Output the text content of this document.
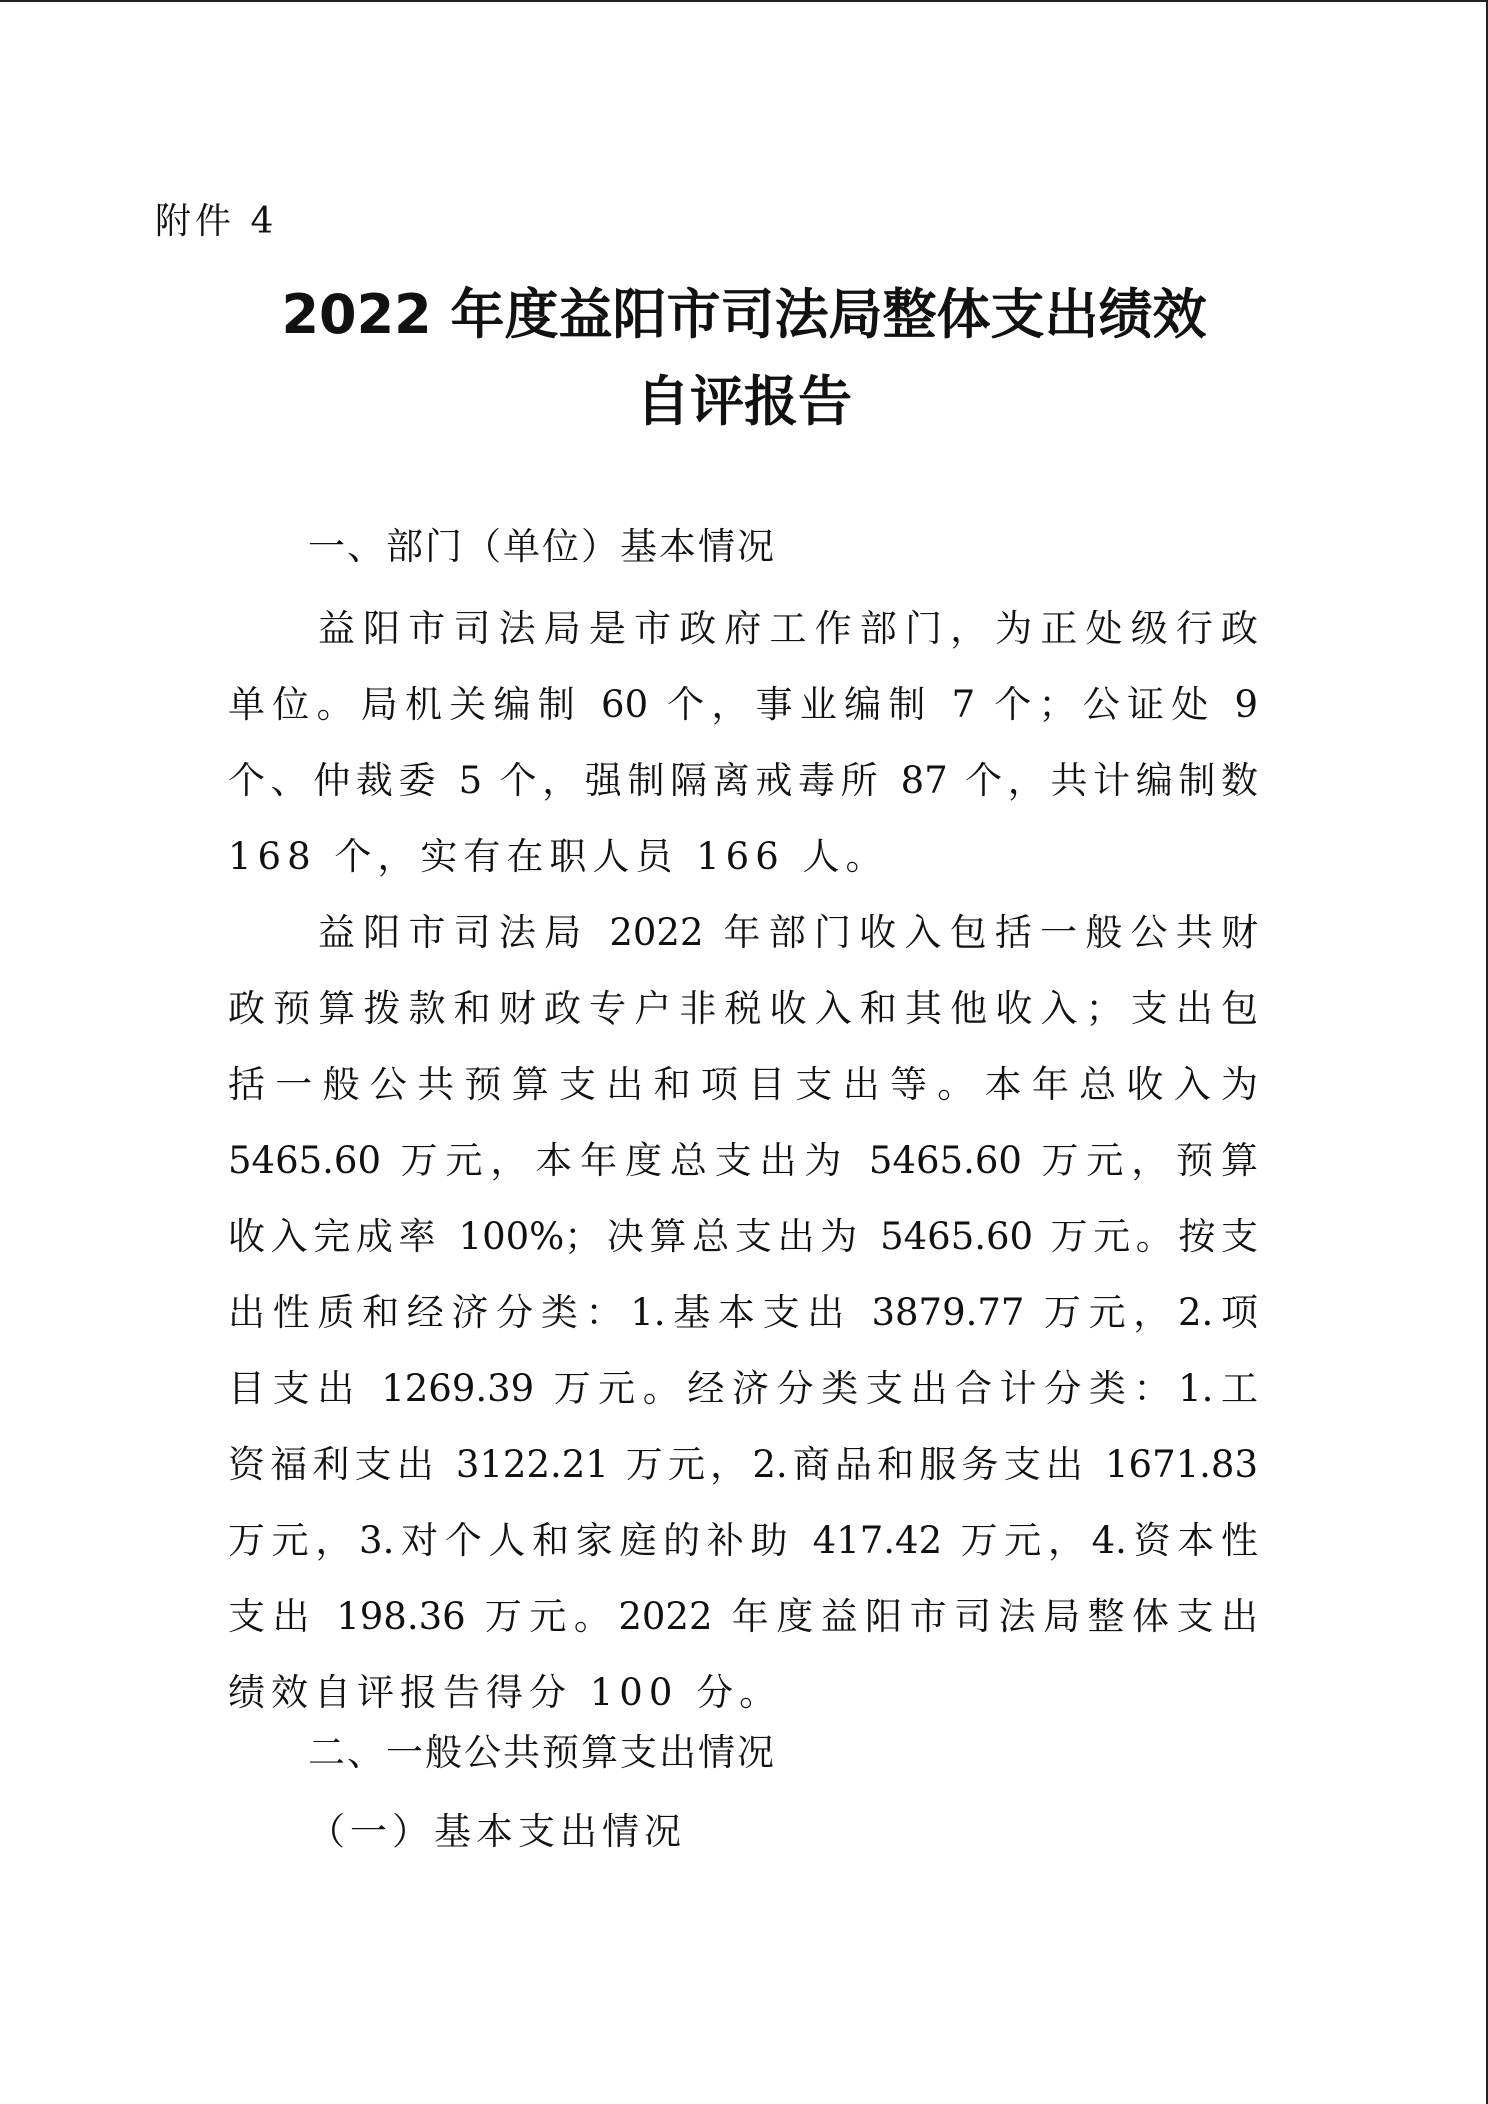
附件 4
2022 年度益阳市司法局整体支出绩效
自评报告
一、部门（单位）基本情况
益阳市司法局是市政府工作部门，为正处级行政
单位。局机关编制 60 个，事业编制 7 个；公证处 9
个、仲裁委 5 个，强制隔离戒毒所 87 个，共计编制数
168 个，实有在职人员 166 人。
益阳市司法局 2022 年部门收入包括一般公共财
政预算拨款和财政专户非税收入和其他收入；支出包
括一般公共预算支出和项目支出等。本年总收入为
5465.60 万元，本年度总支出为 5465.60 万元，预算
收入完成率 100%；决算总支出为 5465.60 万元。按支
出性质和经济分类：1.基本支出 3879.77 万元，2.项
目支出 1269.39 万元。经济分类支出合计分类：1.工
资福利支出 3122.21 万元，2.商品和服务支出 1671.83
万元，3.对个人和家庭的补助 417.42 万元，4.资本性
支出 198.36 万元。2022 年度益阳市司法局整体支出
绩效自评报告得分 100 分。
二、一般公共预算支出情况
（一）基本支出情况
